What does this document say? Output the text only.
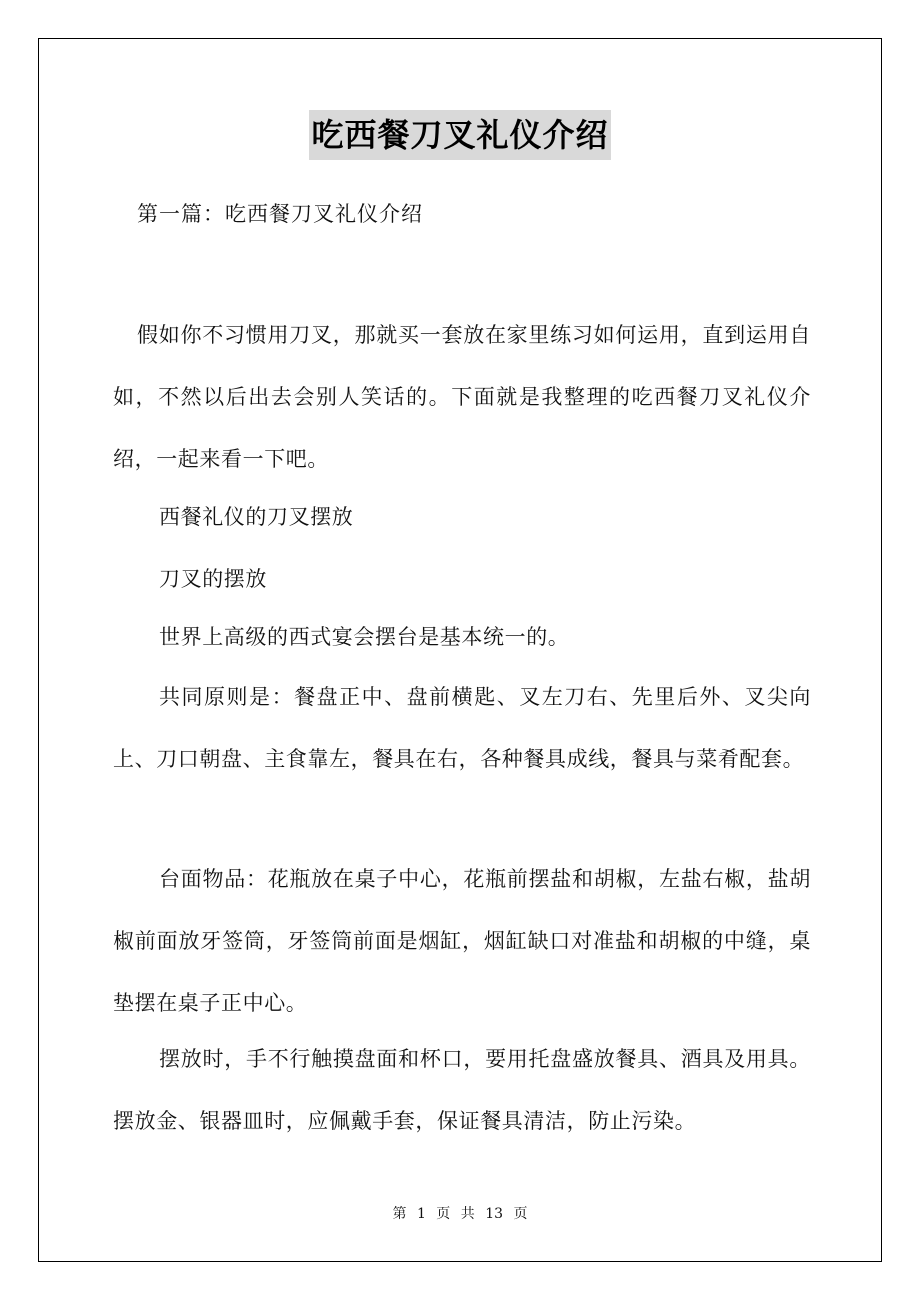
吃西餐刀叉礼仪介绍
第一篇：吃西餐刀叉礼仪介绍

假如你不习惯用刀叉，那就买一套放在家里练习如何运用，直到运用自如，不然以后出去会别人笑话的。下面就是我整理的吃西餐刀叉礼仪介绍，一起来看一下吧。

西餐礼仪的刀叉摆放

刀叉的摆放

世界上高级的西式宴会摆台是基本统一的。

共同原则是：餐盘正中、盘前横匙、叉左刀右、先里后外、叉尖向上、刀口朝盘、主食靠左，餐具在右，各种餐具成线，餐具与菜肴配套。

台面物品：花瓶放在桌子中心，花瓶前摆盐和胡椒，左盐右椒，盐胡椒前面放牙签筒，牙签筒前面是烟缸，烟缸缺口对准盐和胡椒的中缝，桌垫摆在桌子正中心。

摆放时，手不行触摸盘面和杯口，要用托盘盛放餐具、酒具及用具。摆放金、银器皿时，应佩戴手套，保证餐具清洁，防止污染。

第 1 页 共 13 页
